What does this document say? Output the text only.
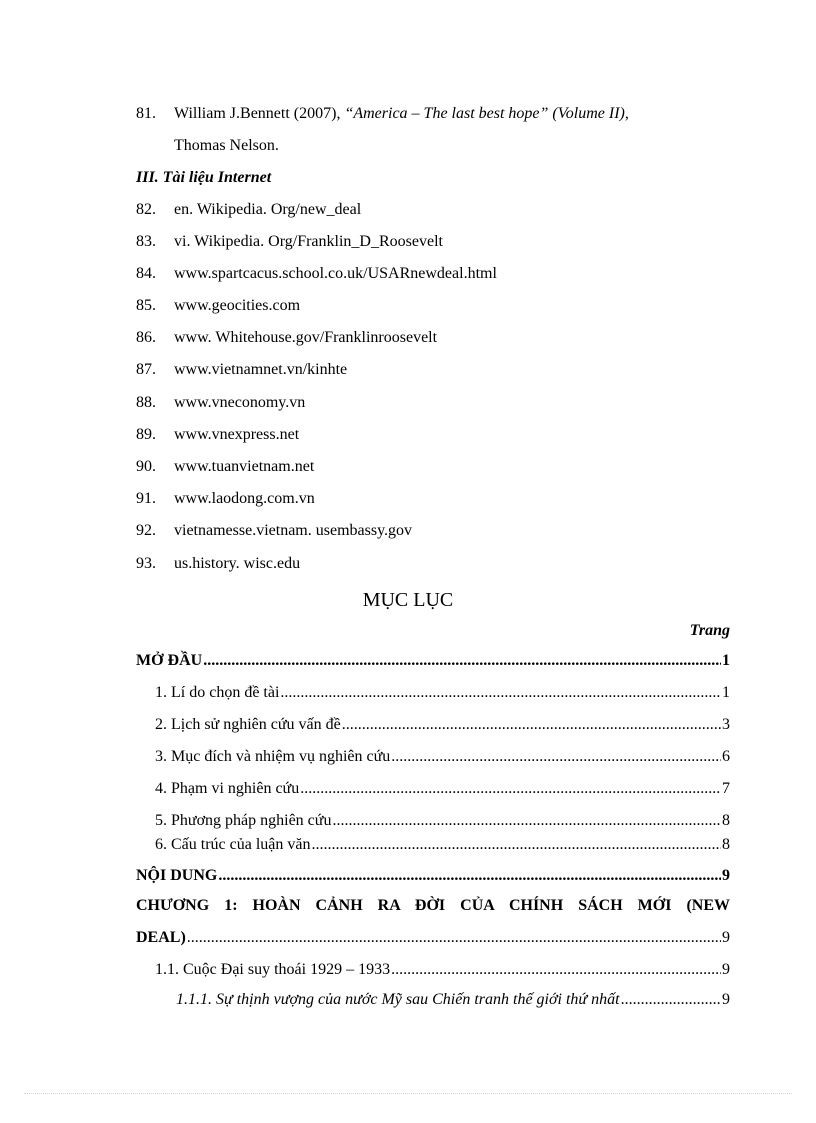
81. William J.Bennett (2007), “America – The last best hope” (Volume II),
Thomas Nelson.
III. Tài liệu Internet
82. en. Wikipedia. Org/new_deal
83. vi. Wikipedia. Org/Franklin_D_Roosevelt
84. www.spartcacus.school.co.uk/USARnewdeal.html
85. www.geocities.com
86. www. Whitehouse.gov/Franklinroosevelt
87. www.vietnamnet.vn/kinhte
88. www.vneconomy.vn
89. www.vnexpress.net
90. www.tuanvietnam.net
91. www.laodong.com.vn
92. vietnamesse.vietnam. usembassy.gov
93. us.history. wisc.edu
MỤC LỤC
Trang
MỞ ĐẦU .....	1
1. Lí do chọn đề tài .....	1
2. Lịch sử nghiên cứu vấn đề .....	3
3. Mục đích và nhiệm vụ nghiên cứu .....	6
4. Phạm vi nghiên cứu .....	7
5. Phương pháp nghiên cứu .....	8
6. Cấu trúc của luận văn .....	8
NỘI DUNG .....	9
CHƯƠNG 1: HOÀN CẢNH RA ĐỜI CỦA CHÍNH SÁCH MỚI (NEW
DEAL) .....	9
1.1. Cuộc Đại suy thoái 1929 – 1933 .....	9
1.1.1. Sự thịnh vượng của nước Mỹ sau Chiến tranh thế giới thứ nhất .....	9
